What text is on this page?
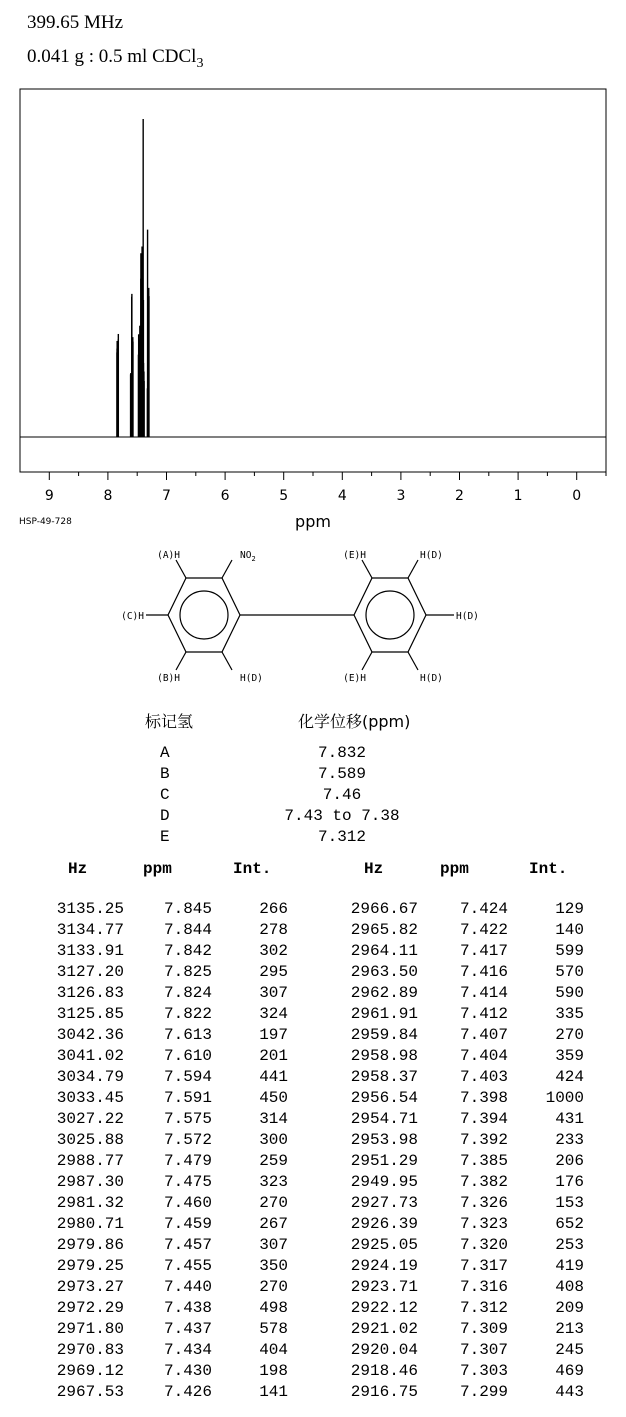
399.65 MHz
0.041 g : 0.5 ml CDCl$_3$
9	8	7	6	5	4	3	2	1	0
ppm
HSP-49-728
(A)H	$NO_2$
(C)H
(B)H	H(D)
(E)H	H(D)
H(D)
(E)H	H(D)
标记氢	化学位移(ppm)
A	7.832
B	7.589
C	7.46
D	7.43 to 7.38
E	7.312
Hz	ppm	Int.	Hz	ppm	Int.
3135.25	7.845	266	2966.67	7.424	129
3134.77	7.844	278	2965.82	7.422	140
3133.91	7.842	302	2964.11	7.417	599
3127.20	7.825	295	2963.50	7.416	570
3126.83	7.824	307	2962.89	7.414	590
3125.85	7.822	324	2961.91	7.412	335
3042.36	7.613	197	2959.84	7.407	270
3041.02	7.610	201	2958.98	7.404	359
3034.79	7.594	441	2958.37	7.403	424
3033.45	7.591	450	2956.54	7.398	1000
3027.22	7.575	314	2954.71	7.394	431
3025.88	7.572	300	2953.98	7.392	233
2988.77	7.479	259	2951.29	7.385	206
2987.30	7.475	323	2949.95	7.382	176
2981.32	7.460	270	2927.73	7.326	153
2980.71	7.459	267	2926.39	7.323	652
2979.86	7.457	307	2925.05	7.320	253
2979.25	7.455	350	2924.19	7.317	419
2973.27	7.440	270	2923.71	7.316	408
2972.29	7.438	498	2922.12	7.312	209
2971.80	7.437	578	2921.02	7.309	213
2970.83	7.434	404	2920.04	7.307	245
2969.12	7.430	198	2918.46	7.303	469
2967.53	7.426	141	2916.75	7.299	443
